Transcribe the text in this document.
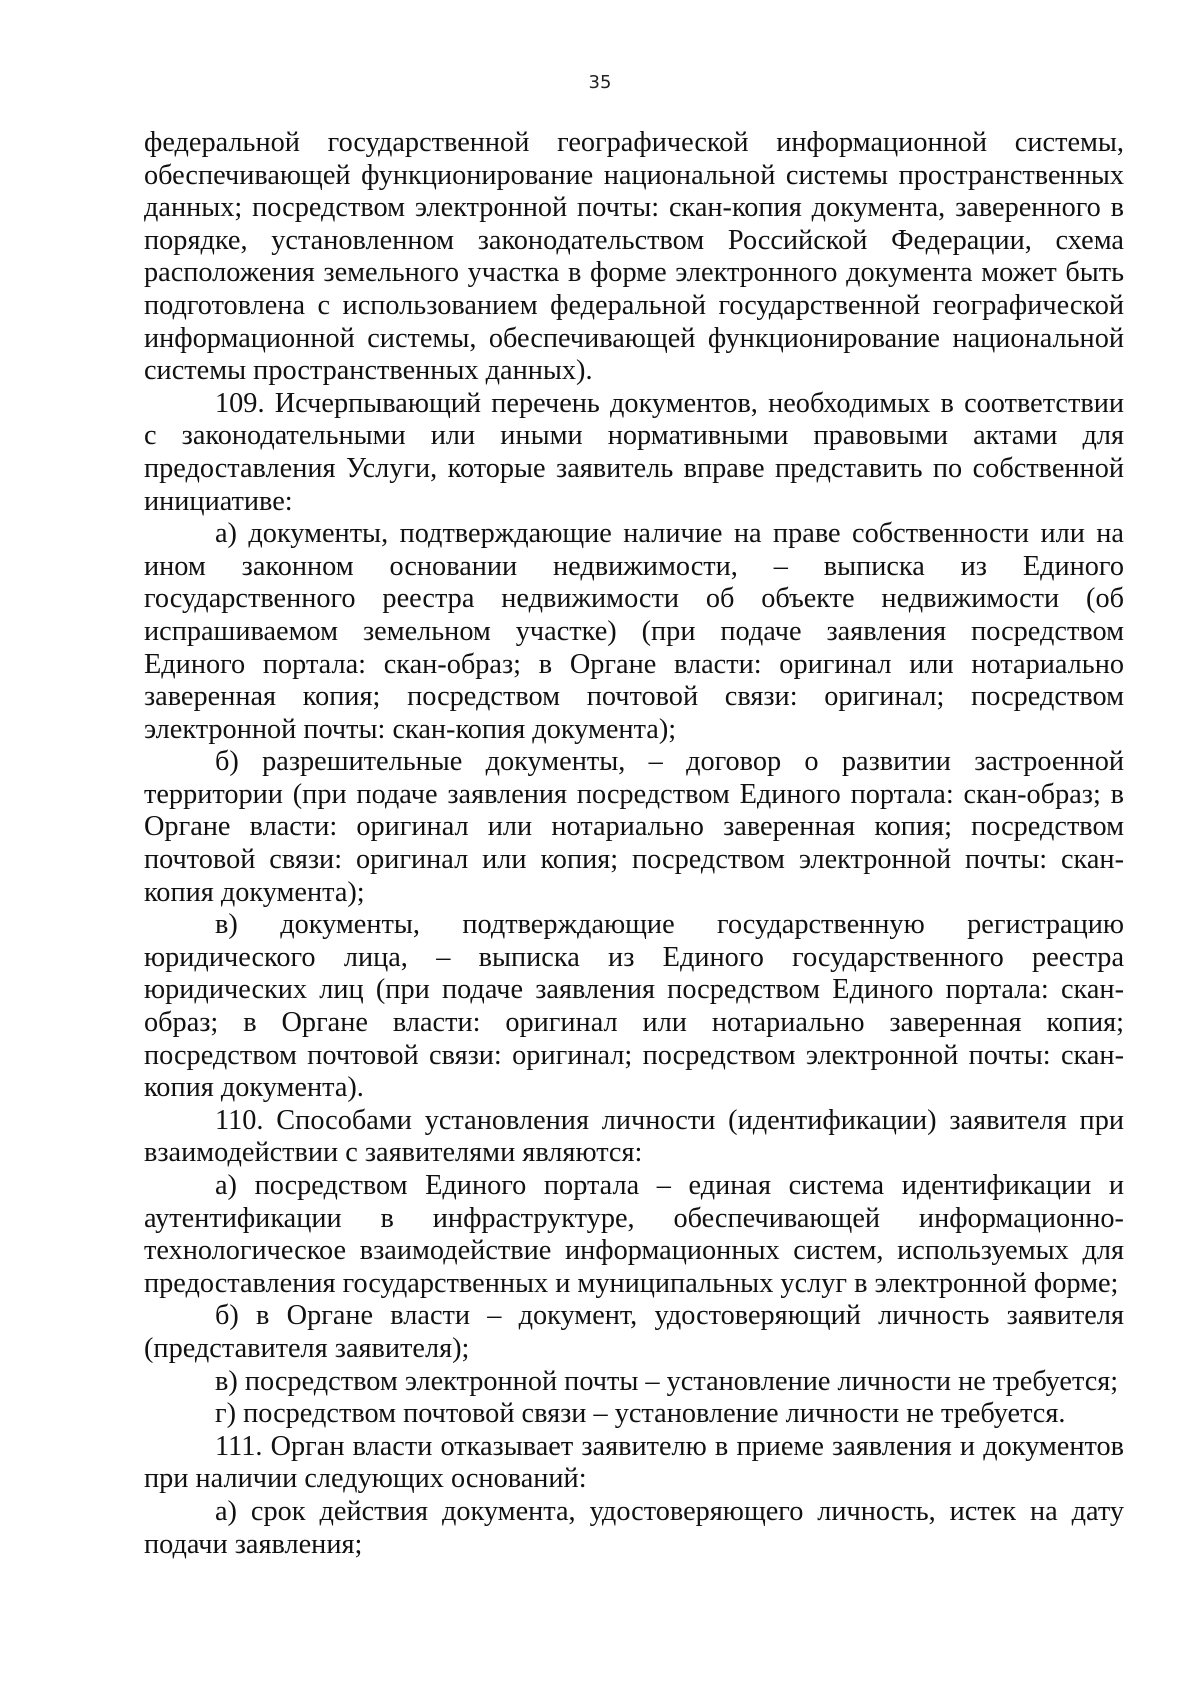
35

федеральной государственной географической информационной системы, обеспечивающей функционирование национальной системы пространственных данных; посредством электронной почты: скан-копия документа, заверенного в порядке, установленном законодательством Российской Федерации, схема расположения земельного участка в форме электронного документа может быть подготовлена с использованием федеральной государственной географической информационной системы, обеспечивающей функционирование национальной системы пространственных данных).

109. Исчерпывающий перечень документов, необходимых в соответствии с законодательными или иными нормативными правовыми актами для предоставления Услуги, которые заявитель вправе представить по собственной инициативе:

а) документы, подтверждающие наличие на праве собственности или на ином законном основании недвижимости, – выписка из Единого государственного реестра недвижимости об объекте недвижимости (об испрашиваемом земельном участке) (при подаче заявления посредством Единого портала: скан-образ; в Органе власти: оригинал или нотариально заверенная копия; посредством почтовой связи: оригинал; посредством электронной почты: скан-копия документа);

б) разрешительные документы, – договор о развитии застроенной территории (при подаче заявления посредством Единого портала: скан-образ; в Органе власти: оригинал или нотариально заверенная копия; посредством почтовой связи: оригинал или копия; посредством электронной почты: скан-копия документа);

в) документы, подтверждающие государственную регистрацию юридического лица, – выписка из Единого государственного реестра юридических лиц (при подаче заявления посредством Единого портала: скан-образ; в Органе власти: оригинал или нотариально заверенная копия; посредством почтовой связи: оригинал; посредством электронной почты: скан-копия документа).

110. Способами установления личности (идентификации) заявителя при взаимодействии с заявителями являются:

а) посредством Единого портала – единая система идентификации и аутентификации в инфраструктуре, обеспечивающей информационно-технологическое взаимодействие информационных систем, используемых для предоставления государственных и муниципальных услуг в электронной форме;

б) в Органе власти – документ, удостоверяющий личность заявителя (представителя заявителя);

в) посредством электронной почты – установление личности не требуется;

г) посредством почтовой связи – установление личности не требуется.

111. Орган власти отказывает заявителю в приеме заявления и документов при наличии следующих оснований:

а) срок действия документа, удостоверяющего личность, истек на дату подачи заявления;
